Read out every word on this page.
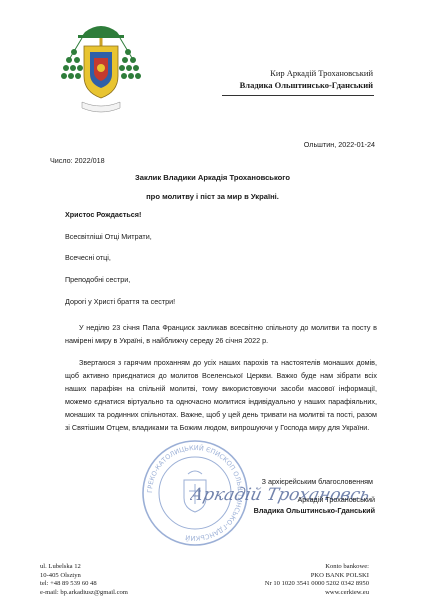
Кир Аркадій Трохановський
Владика Ольштинсько-Гданський
Ольштин, 2022-01-24
Число: 2022/018
Заклик Владики Аркадія Трохановського
про молитву і піст за мир в Україні.
Христос Рождається!
Всесвітліші Отці Митрати,
Всечесні отці,
Преподобні сестри,
Дорогі у Христі браття та сестри!
У неділю 23 січня Папа Франциск закликав всесвітню спільноту до молитви та посту в намірені миру в Україні, в найближчу середу 26 січня 2022 р.
Звертаюся з гарячим проханням до усіх наших парохів та настоятелів монаших домів, щоб активно приєднатися до молитов Вселенської Церкви. Важко буде нам зібрати всіх наших парафіян на спільній молитві, тому використовуючи засоби масової інформації, можемо єднатися віртуально та одночасно молитися індивідуально у наших парафіяльних, монаших та родинних спільнотах. Важне, щоб у цей день тривати на молитві та пості, разом зі Святішим Отцем, владиками та Божим людом, випрошуючи у Господа миру для України.
ГРЕКО-КАТОЛИЦЬКИЙ ЄПИСКОП ОЛЬШТИНСЬКО-ГДАНСЬКИЙ
З архієрейським благословенням
Аркадій Трохановський
Аркадій Трохановський
Владика Ольштинсько-Гданський
ul. Lubelska 12
10-405 Olsztyn
tel: +48 89 539 60 48
e-mail: bp.arkadiusz@gmail.com
Konto bankowe:
PKO BANK POLSKI
Nr 10 1020 3541 0000 5202 0342 8950
www.cerkiew.eu
